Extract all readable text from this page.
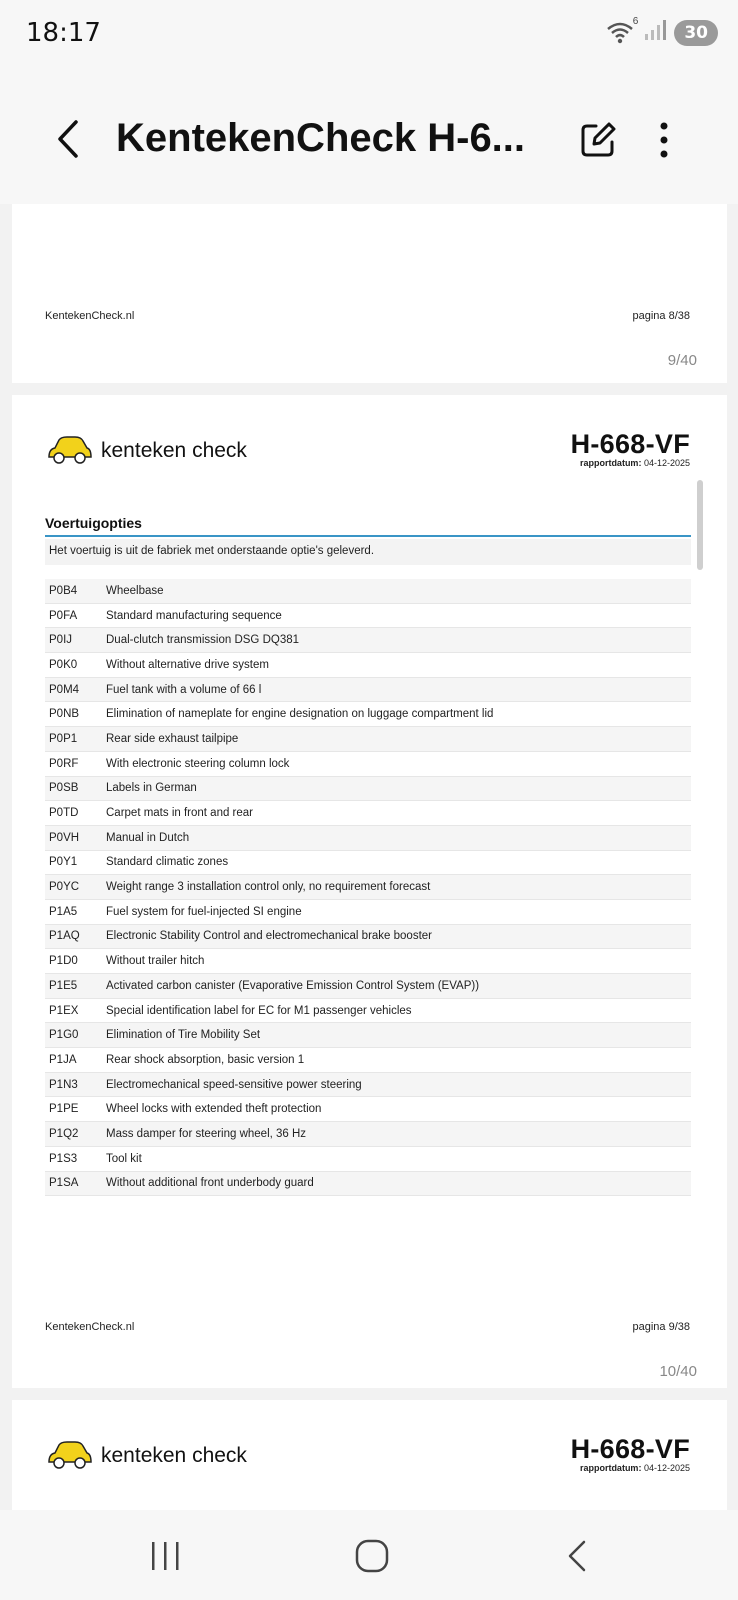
18:17	6
30
KentekenCheck H-6...
KentekenCheck.nl	pagina 8/38
9/40
kenteken check	H-668-VF
rapportdatum: 04-12-2025
Voertuigopties
Het voertuig is uit de fabriek met onderstaande optie's geleverd.
P0B4	Wheelbase
P0FA	Standard manufacturing sequence
P0IJ	Dual-clutch transmission DSG DQ381
P0K0	Without alternative drive system
P0M4	Fuel tank with a volume of 66 l
P0NB	Elimination of nameplate for engine designation on luggage compartment lid
P0P1	Rear side exhaust tailpipe
P0RF	With electronic steering column lock
P0SB	Labels in German
P0TD	Carpet mats in front and rear
P0VH	Manual in Dutch
P0Y1	Standard climatic zones
P0YC	Weight range 3 installation control only, no requirement forecast
P1A5	Fuel system for fuel-injected SI engine
P1AQ	Electronic Stability Control and electromechanical brake booster
P1D0	Without trailer hitch
P1E5	Activated carbon canister (Evaporative Emission Control System (EVAP))
P1EX	Special identification label for EC for M1 passenger vehicles
P1G0	Elimination of Tire Mobility Set
P1JA	Rear shock absorption, basic version 1
P1N3	Electromechanical speed-sensitive power steering
P1PE	Wheel locks with extended theft protection
P1Q2	Mass damper for steering wheel, 36 Hz
P1S3	Tool kit
P1SA	Without additional front underbody guard
KentekenCheck.nl	pagina 9/38
10/40
kenteken check	H-668-VF
rapportdatum: 04-12-2025
